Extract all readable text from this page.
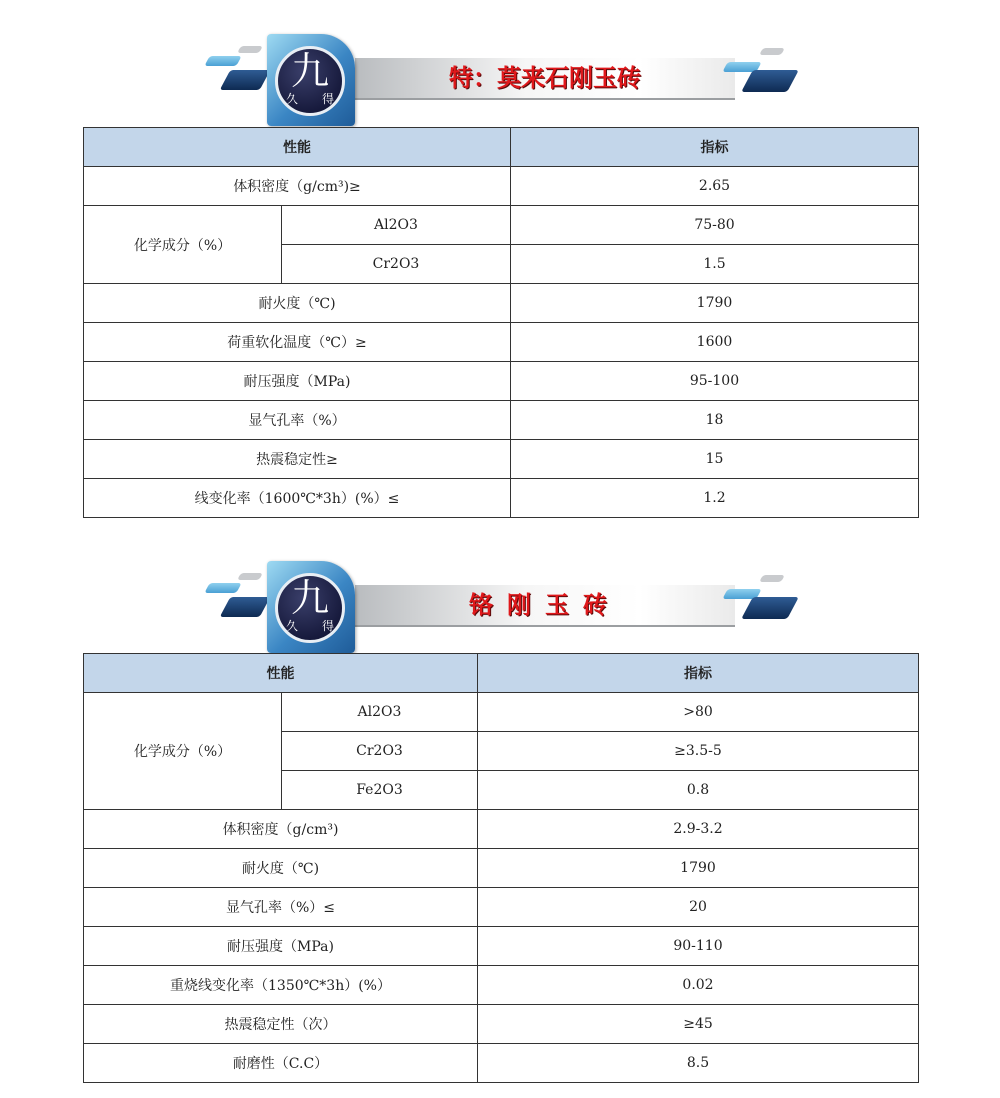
特：莫来石刚玉砖
九
久 得
性能		指标
体积密度（g/cm³)≥		2.65
化学成分（%）	Al2O3	75-80
	Cr2O3	1.5
耐火度（℃)		1790
荷重软化温度（℃）≥		1600
耐压强度（MPa)		95-100
显气孔率（%）		18
热震稳定性≥		15
线变化率（1600℃*3h）(%）≤		1.2
铬刚玉砖
九
久 得
性能		指标
化学成分（%）	Al2O3	>80
	Cr2O3	≥3.5-5
	Fe2O3	0.8
体积密度（g/cm³)		2.9-3.2
耐火度（℃)		1790
显气孔率（%）≤		20
耐压强度（MPa)		90-110
重烧线变化率（1350℃*3h）(%）		0.02
热震稳定性（次）		≥45
耐磨性（C.C）		8.5
